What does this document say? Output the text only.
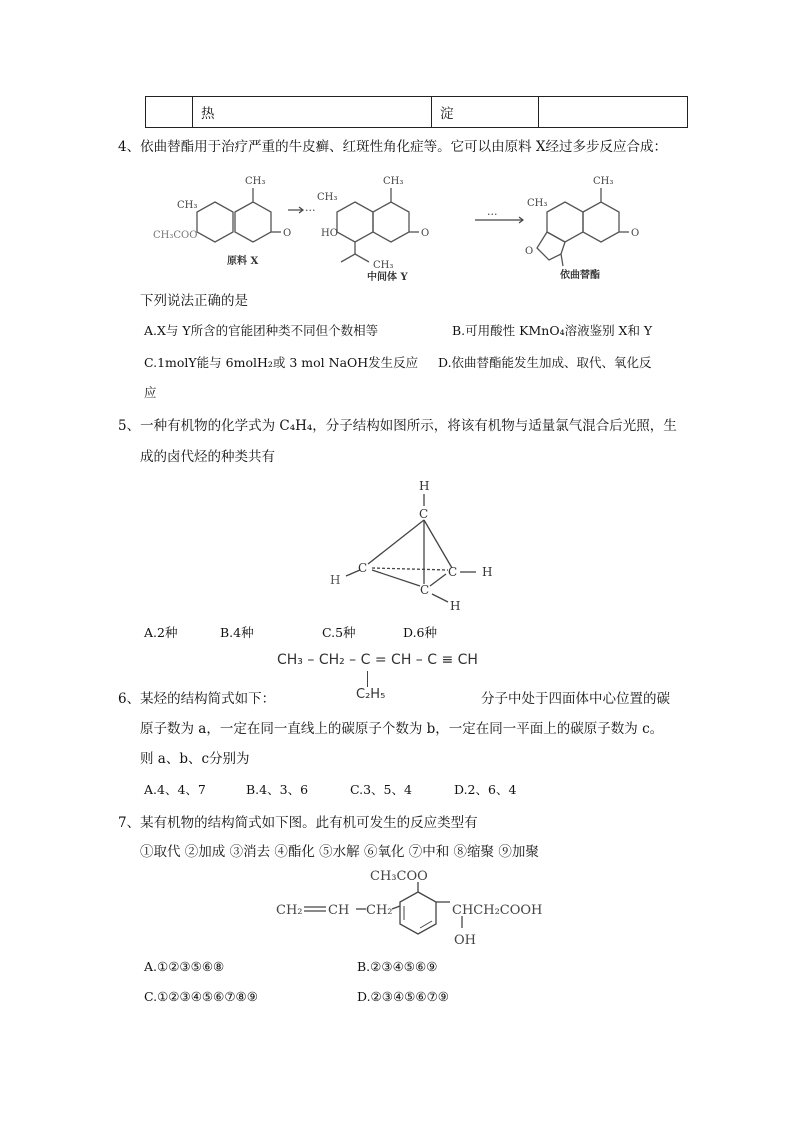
	热	淀	
4、依曲替酯用于治疗严重的牛皮癣、红斑性角化症等。它可以由原料 X经过多步反应合成：
···	···
CH₃
CH₃
CH₃COO	O
CH₃
CH₃
HO	O
CH₃
CH₃
CH₃
O
O
原料 X
中间体 Y	依曲替酯
下列说法正确的是
A.X与 Y所含的官能团种类不同但个数相等	B.可用酸性 KMnO₄溶液鉴别 X和 Y
C.1molY能与 6molH₂或 3 mol NaOH发生反应 D.依曲替酯能发生加成、取代、氧化反
应
5、一种有机物的化学式为 C₄H₄，分子结构如图所示，将该有机物与适量氯气混合后光照，生
成的卤代烃的种类共有
H
C
C	C
C
H
H
H
A.2种	B.4种	C.5种	D.6种
CH₃ – CH₂ – C = CH – C ≡ CH
C₂H₅
6、某烃的结构简式如下：	分子中处于四面体中心位置的碳
原子数为 a，一定在同一直线上的碳原子个数为 b，一定在同一平面上的碳原子数为 c。
则 a、b、c分别为
A.4、4、7	B.4、3、6	C.3、5、4	D.2、6、4
7、某有机物的结构简式如下图。此有机可发生的反应类型有
①取代 ②加成 ③消去 ④酯化 ⑤水解 ⑥氧化 ⑦中和 ⑧缩聚 ⑨加聚
CH₃COO
CH₂ CH CH₂	CHCH₂COOH
OH
A.①②③⑤⑥⑧	B.②③④⑤⑥⑨
C.①②③④⑤⑥⑦⑧⑨	D.②③④⑤⑥⑦⑨
